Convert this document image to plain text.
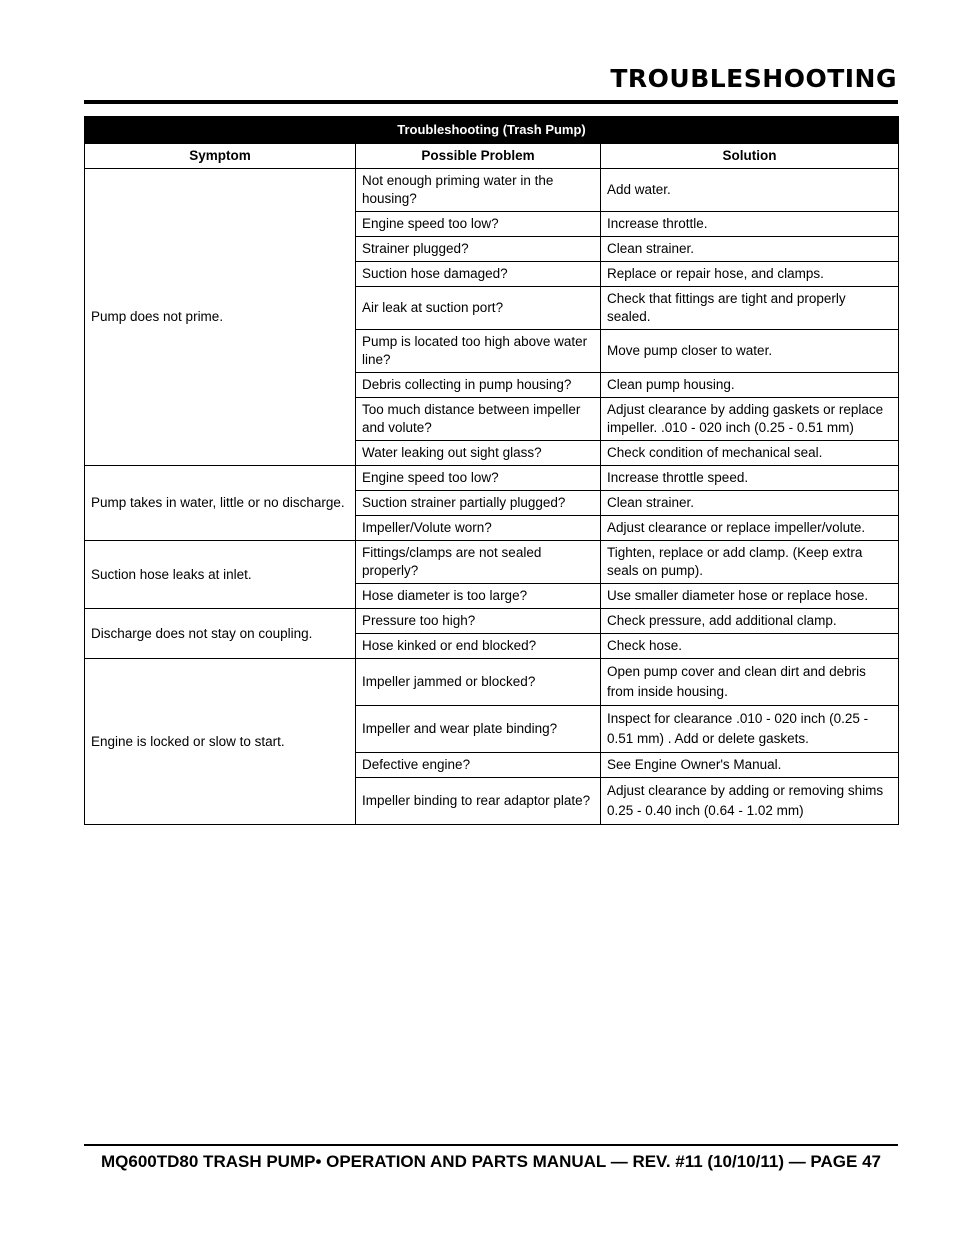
TROUBLESHOOTING
Troubleshooting (Trash Pump)		
Symptom	Possible Problem	Solution
Pump does not prime.	Not enough priming water in the housing?	Add water.
	Engine speed too low?	Increase throttle.
	Strainer plugged?	Clean strainer.
	Suction hose damaged?	Replace or repair hose, and clamps.
	Air leak at suction port?	Check that fittings are tight and properly sealed.
	Pump is located too high above water line?	Move pump closer to water.
	Debris collecting in pump housing?	Clean pump housing.
	Too much distance between impeller and volute?	Adjust clearance by adding gaskets or replace impeller. .010 - 020 inch (0.25 - 0.51 mm)
	Water leaking out sight glass?	Check condition of mechanical seal.
Pump takes in water, little or no discharge.	Engine speed too low?	Increase throttle speed.
	Suction strainer partially plugged?	Clean strainer.
	Impeller/Volute worn?	Adjust clearance or replace impeller/volute.
Suction hose leaks at inlet.	Fittings/clamps are not sealed properly?	Tighten, replace or add clamp. (Keep extra seals on pump).
	Hose diameter is too large?	Use smaller diameter hose or replace hose.
Discharge does not stay on coupling.	Pressure too high?	Check pressure, add additional clamp.
	Hose kinked or end blocked?	Check hose.
Engine is locked or slow to start.	Impeller jammed or blocked?	Open pump cover and clean dirt and debris from inside housing.
	Impeller and wear plate binding?	Inspect for clearance .010 - 020 inch (0.25 - 0.51 mm) . Add or delete gaskets.
	Defective engine?	See Engine Owner's Manual.
	Impeller binding to rear adaptor plate?	Adjust clearance by adding or removing shims 0.25 - 0.40 inch (0.64 - 1.02 mm)

MQ600TD80 TRASH PUMP• OPERATION AND PARTS MANUAL — REV. #11 (10/10/11) — PAGE 47
